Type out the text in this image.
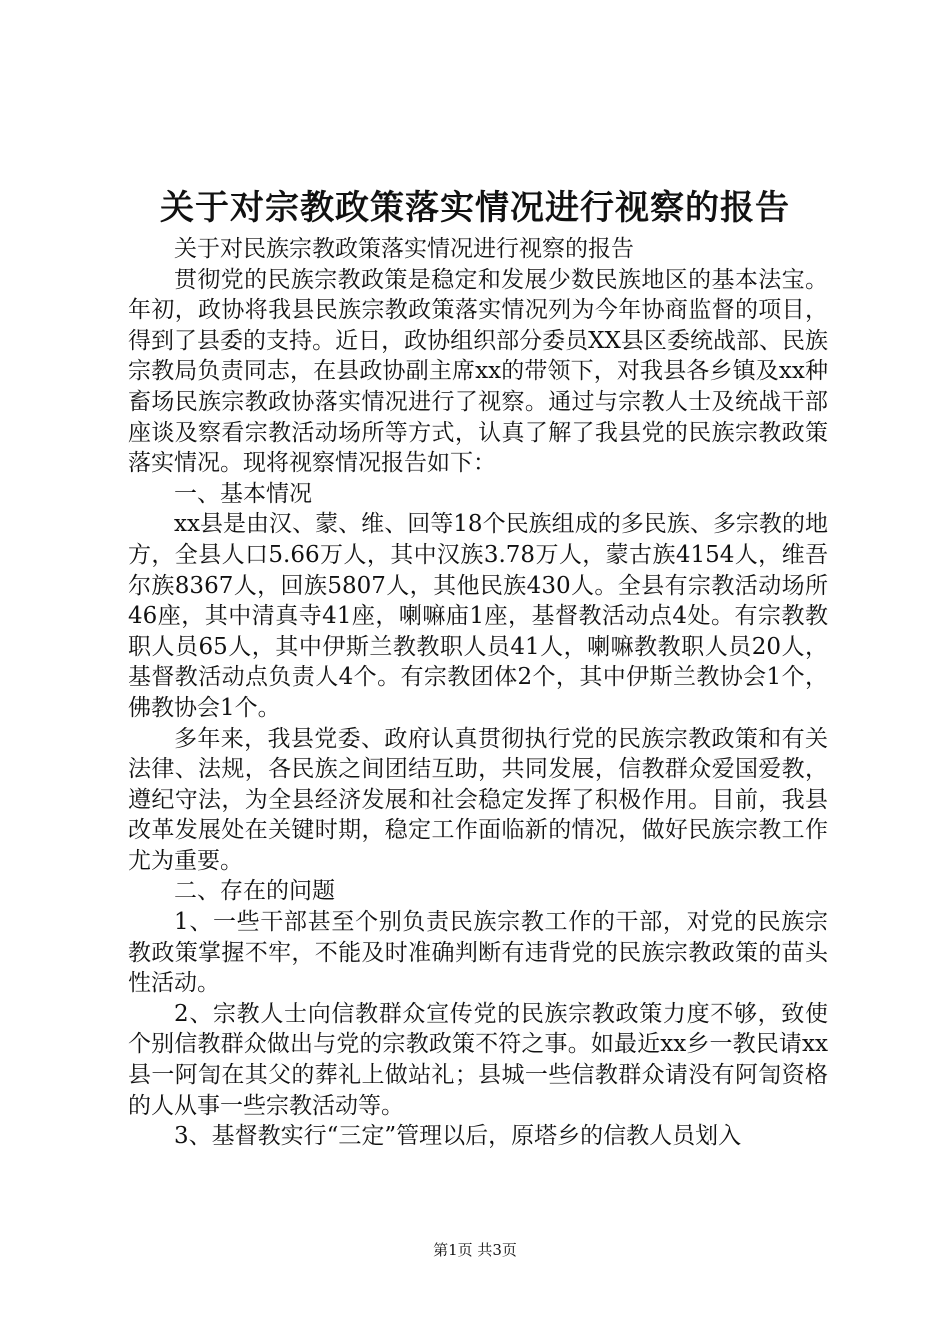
关于对宗教政策落实情况进行视察的报告

关于对民族宗教政策落实情况进行视察的报告

贯彻党的民族宗教政策是稳定和发展少数民族地区的基本法宝。年初，政协将我县民族宗教政策落实情况列为今年协商监督的项目，得到了县委的支持。近日，政协组织部分委员XX县区委统战部、民族宗教局负责同志，在县政协副主席xx的带领下，对我县各乡镇及xx种畜场民族宗教政协落实情况进行了视察。通过与宗教人士及统战干部座谈及察看宗教活动场所等方式，认真了解了我县党的民族宗教政策落实情况。现将视察情况报告如下：

一、基本情况

xx县是由汉、蒙、维、回等18个民族组成的多民族、多宗教的地方，全县人口5.66万人，其中汉族3.78万人，蒙古族4154人，维吾尔族8367人，回族5807人，其他民族430人。全县有宗教活动场所46座，其中清真寺41座，喇嘛庙1座，基督教活动点4处。有宗教教职人员65人，其中伊斯兰教教职人员41人，喇嘛教教职人员20人，基督教活动点负责人4个。有宗教团体2个，其中伊斯兰教协会1个，佛教协会1个。

多年来，我县党委、政府认真贯彻执行党的民族宗教政策和有关法律、法规，各民族之间团结互助，共同发展，信教群众爱国爱教，遵纪守法，为全县经济发展和社会稳定发挥了积极作用。目前，我县改革发展处在关键时期，稳定工作面临新的情况，做好民族宗教工作尤为重要。

二、存在的问题

1、一些干部甚至个别负责民族宗教工作的干部，对党的民族宗教政策掌握不牢，不能及时准确判断有违背党的民族宗教政策的苗头性活动。

2、宗教人士向信教群众宣传党的民族宗教政策力度不够，致使个别信教群众做出与党的宗教政策不符之事。如最近xx乡一教民请xx县一阿訇在其父的葬礼上做站礼；县城一些信教群众请没有阿訇资格的人从事一些宗教活动等。

3、基督教实行“三定”管理以后，原塔乡的信教人员划入

第1页 共3页
